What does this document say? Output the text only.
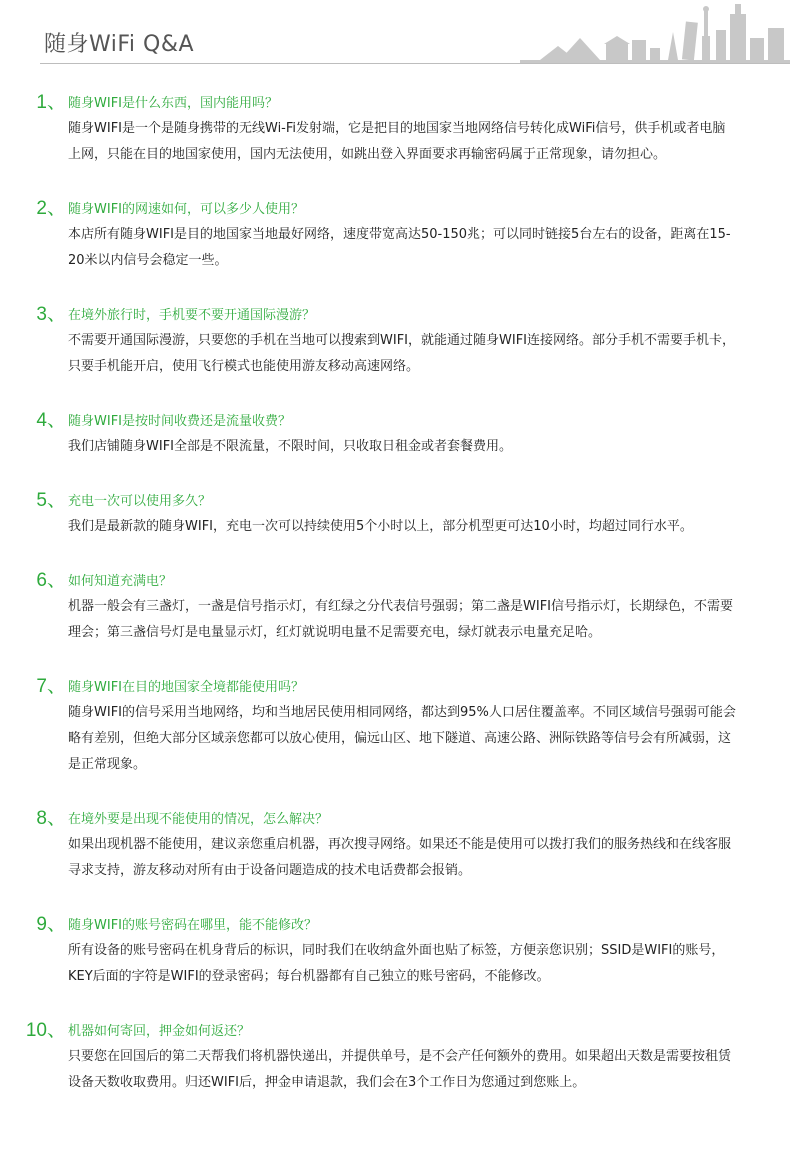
随身WiFi Q&A
1、 随身WIFI是什么东西，国内能用吗？
随身WIFI是一个是随身携带的无线Wi-Fi发射端，它是把目的地国家当地网络信号转化成WiFi信号，供手机或者电脑上网，只能在目的地国家使用，国内无法使用，如跳出登入界面要求再输密码属于正常现象，请勿担心。
2、 随身WIFI的网速如何，可以多少人使用？
本店所有随身WIFI是目的地国家当地最好网络，速度带宽高达50-150兆；可以同时链接5台左右的设备，距离在15-20米以内信号会稳定一些。
3、 在境外旅行时，手机要不要开通国际漫游？
不需要开通国际漫游，只要您的手机在当地可以搜索到WIFI，就能通过随身WIFI连接网络。部分手机不需要手机卡，只要手机能开启，使用飞行模式也能使用游友移动高速网络。
4、 随身WIFI是按时间收费还是流量收费？
我们店铺随身WIFI全部是不限流量，不限时间，只收取日租金或者套餐费用。
5、 充电一次可以使用多久？
我们是最新款的随身WIFI，充电一次可以持续使用5个小时以上，部分机型更可达10小时，均超过同行水平。
6、 如何知道充满电？
机器一般会有三盏灯，一盏是信号指示灯，有红绿之分代表信号强弱；第二盏是WIFI信号指示灯，长期绿色，不需要理会；第三盏信号灯是电量显示灯，红灯就说明电量不足需要充电，绿灯就表示电量充足哈。
7、 随身WIFI在目的地国家全境都能使用吗？
随身WIFI的信号采用当地网络，均和当地居民使用相同网络，都达到95%人口居住覆盖率。不同区域信号强弱可能会略有差别，但绝大部分区域亲您都可以放心使用，偏远山区、地下隧道、高速公路、洲际铁路等信号会有所减弱，这是正常现象。
8、 在境外要是出现不能使用的情况，怎么解决？
如果出现机器不能使用，建议亲您重启机器，再次搜寻网络。如果还不能是使用可以拨打我们的服务热线和在线客服寻求支持，游友移动对所有由于设备问题造成的技术电话费都会报销。
9、 随身WIFI的账号密码在哪里，能不能修改？
所有设备的账号密码在机身背后的标识，同时我们在收纳盒外面也贴了标签，方便亲您识别；SSID是WIFI的账号，KEY后面的字符是WIFI的登录密码；每台机器都有自己独立的账号密码，不能修改。
10、 机器如何寄回，押金如何返还？
只要您在回国后的第二天帮我们将机器快递出，并提供单号，是不会产任何额外的费用。如果超出天数是需要按租赁设备天数收取费用。归还WIFI后，押金申请退款，我们会在3个工作日为您通过到您账上。
